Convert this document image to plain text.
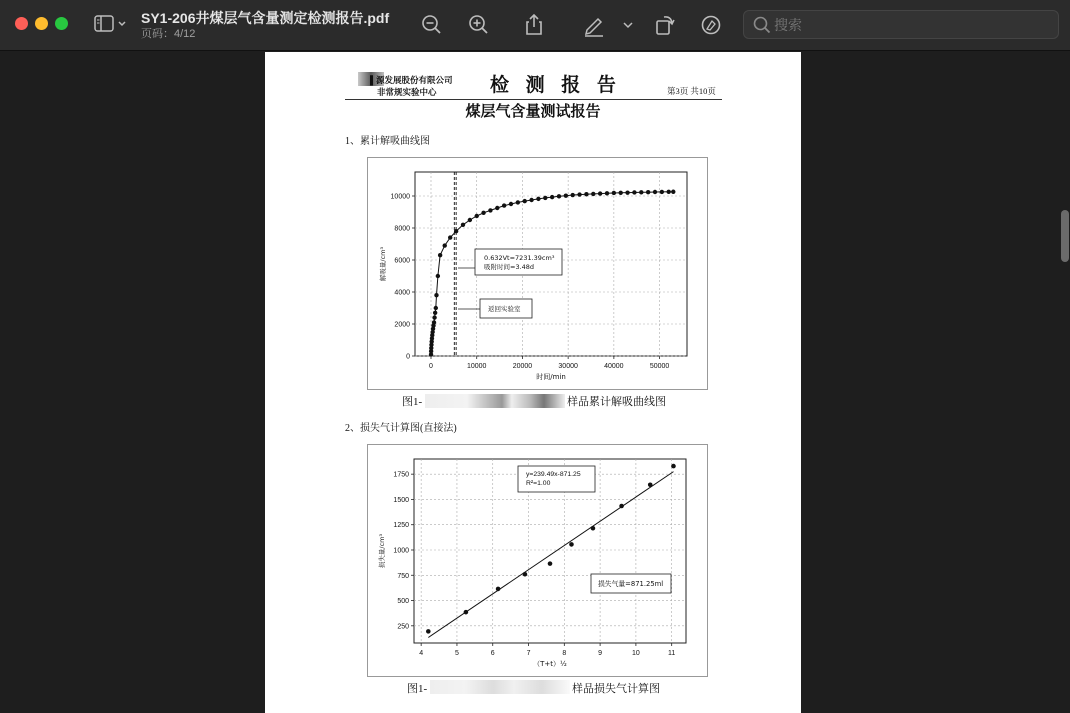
SY1-206井煤层气含量测定检测报告.pdf
页码：4/12
搜索
▌源发展股份有限公司
非常规实验中心	检 测 报 告	第3页 共10页
煤层气含量测试报告
1、累计解吸曲线图
0	10000	20000	30000	40000	50000
0
2000
4000
6000
8000
10000
时间/min
解吸量/cm³	0.632Vt=7231.39cm³
吸附时间=3.48d
返回实验室
图1-	样品累计解吸曲线图
2、损失气计算图(直接法)
4	5	6	7	8	9	10	11
250
500
750
1000
1250
1500
1750
（T+t）½
损失量/cm³
y=239.49x-871.25
R²=1.00
损失气量=871.25ml
图1-	样品损失气计算图
